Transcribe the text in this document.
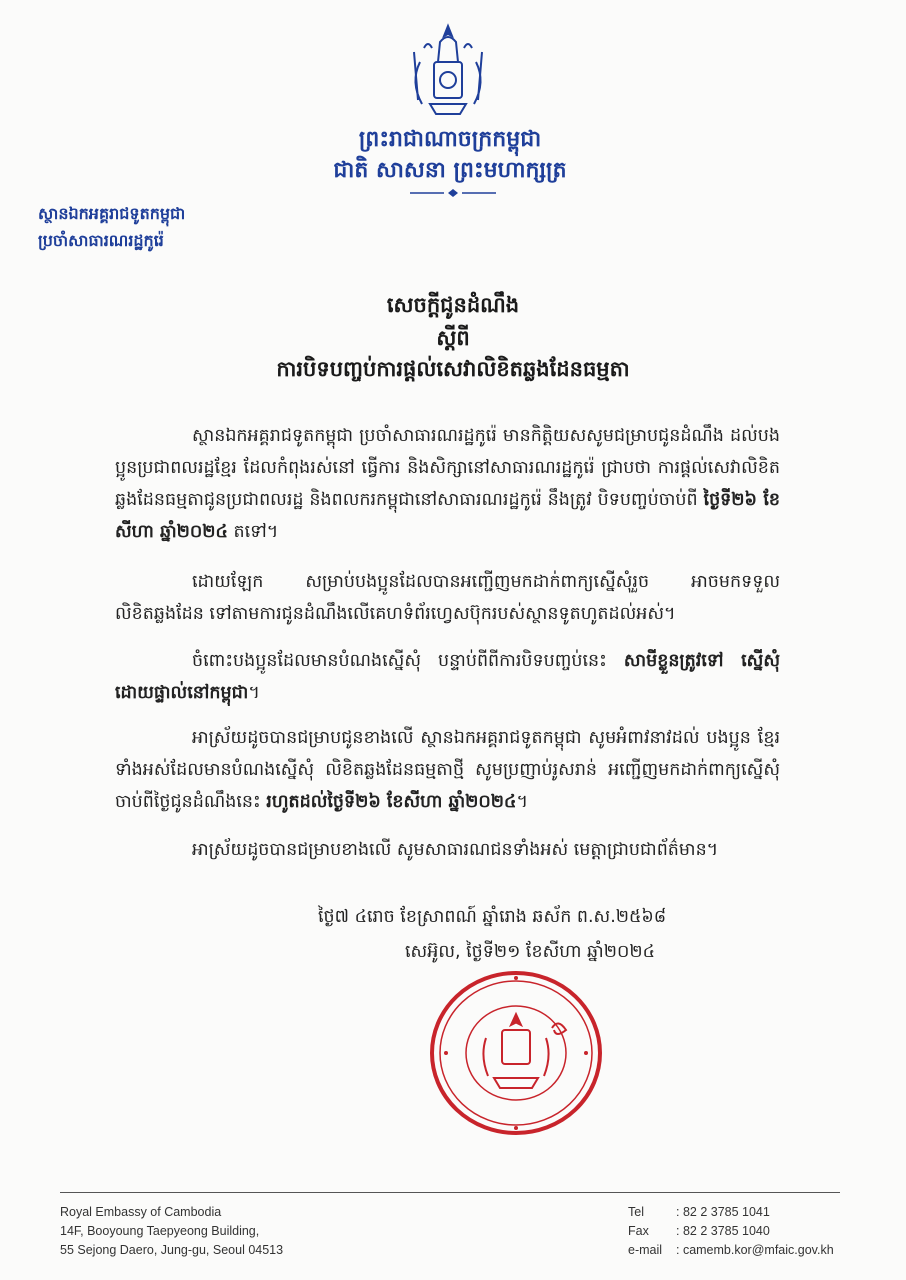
ព្រះរាជាណាចក្រកម្ពុជា
ជាតិ សាសនា ព្រះមហាក្សត្រ
ស្ថានឯកអគ្គរាជទូតកម្ពុជា
ប្រចាំសាធារណរដ្ឋកូរ៉េ
សេចក្តីជូនដំណឹង
ស្តីពី
ការបិទបញ្ចប់ការផ្តល់សេវាលិខិតឆ្លងដែនធម្មតា
ស្ថានឯកអគ្គរាជទូតកម្ពុជា ប្រចាំសាធារណរដ្ឋកូរ៉េ មានកិត្តិយសសូមជម្រាបជូនដំណឹង ដល់បងប្អូនប្រជាពលរដ្ឋខ្មែរ ដែលកំពុងរស់នៅ ធ្វើការ និងសិក្សានៅសាធារណរដ្ឋកូរ៉េ ជ្រាបថា ការផ្តល់សេវាលិខិតឆ្លងដែនធម្មតាជូនប្រជាពលរដ្ឋ និងពលករកម្ពុជានៅសាធារណរដ្ឋកូរ៉េ នឹងត្រូវ បិទបញ្ចប់ចាប់ពី ថ្ងៃទី២៦ ខែសីហា ឆ្នាំ២០២៤ តទៅ។
ដោយឡែក សម្រាប់បងប្អូនដែលបានអញ្ជើញមកដាក់ពាក្យស្នើសុំរួច អាចមកទទួល លិខិតឆ្លងដែន ទៅតាមការជូនដំណឹងលើគេហទំព័រហ្វេសប៊ុករបស់ស្ថានទូតហូតដល់អស់។
ចំពោះបងប្អូនដែលមានបំណងស្នើសុំ បន្ទាប់ពីពីការបិទបញ្ចប់នេះ សាមីខ្លួនត្រូវទៅ ស្នើសុំ ដោយផ្ទាល់នៅកម្ពុជា។
អាស្រ័យដូចបានជម្រាបជូនខាងលើ ស្ថានឯកអគ្គរាជទូតកម្ពុជា សូមអំពាវនាវដល់ បងប្អូន ខ្មែរទាំងអស់ដែលមានបំណងស្នើសុំ លិខិតឆ្លងដែនធម្មតាថ្មី សូមប្រញាប់រូសរាន់ អញ្ជើញមកដាក់ពាក្យស្នើសុំចាប់ពីថ្ងៃជូនដំណឹងនេះ រហូតដល់ថ្ងៃទី២៦ ខែសីហា ឆ្នាំ២០២៤។
អាស្រ័យដូចបានជម្រាបខាងលើ សូមសាធារណជនទាំងអស់ មេត្តាជ្រាបជាព័ត៌មាន។
ថ្ងៃ៧ ៤រោច ខែស្រាពណ៍ ឆ្នាំរោង ឆស័ក ព.ស.២៥៦៨
សេអ៊ូល, ថ្ងៃទី២១ ខែសីហា ឆ្នាំ២០២៤
Royal Embassy of Cambodia
14F, Booyoung Taepyeong Building,
55 Sejong Daero, Jung-gu, Seoul 04513
Tel	: 82 2 3785 1041
Fax : 82 2 3785 1040
e-mail : camemb.kor@mfaic.gov.kh
